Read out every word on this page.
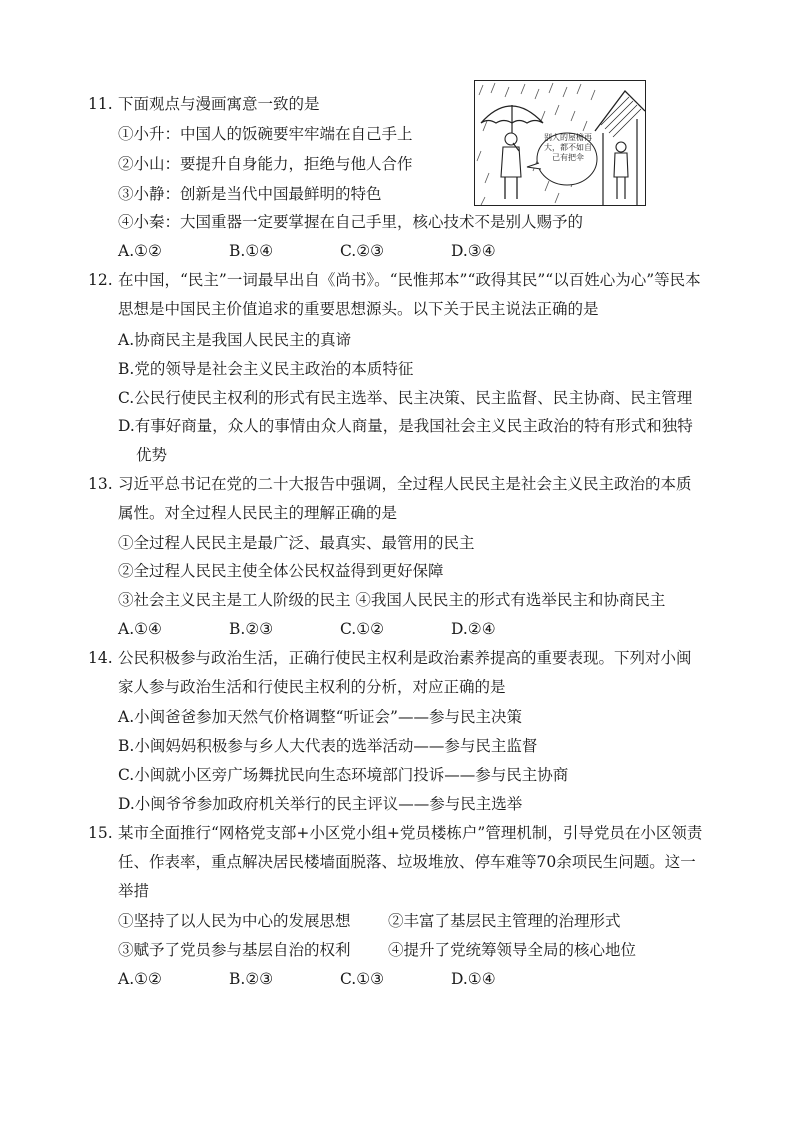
11. 下面观点与漫画寓意一致的是
①小升：中国人的饭碗要牢牢端在自己手上
②小山：要提升自身能力，拒绝与他人合作
③小静：创新是当代中国最鲜明的特色
④小秦：大国重器一定要掌握在自己手里，核心技术不是别人赐予的
A.①②	B.①④	C.②③	D.③④
别人的屋檐再大，都不如自己有把伞
12. 在中国，“民主”一词最早出自《尚书》。“民惟邦本”“政得其民”“以百姓心为心”等民本
思想是中国民主价值追求的重要思想源头。以下关于民主说法正确的是
A.协商民主是我国人民民主的真谛
B.党的领导是社会主义民主政治的本质特征
C.公民行使民主权利的形式有民主选举、民主决策、民主监督、民主协商、民主管理
D.有事好商量，众人的事情由众人商量，是我国社会主义民主政治的特有形式和独特
优势
13. 习近平总书记在党的二十大报告中强调，全过程人民民主是社会主义民主政治的本质
属性。对全过程人民民主的理解正确的是
①全过程人民民主是最广泛、最真实、最管用的民主
②全过程人民民主使全体公民权益得到更好保障
③社会主义民主是工人阶级的民主 ④我国人民民主的形式有选举民主和协商民主
A.①④	B.②③	C.①②	D.②④
14. 公民积极参与政治生活，正确行使民主权利是政治素养提高的重要表现。下列对小闽
家人参与政治生活和行使民主权利的分析，对应正确的是
A.小闽爸爸参加天然气价格调整“听证会”——参与民主决策
B.小闽妈妈积极参与乡人大代表的选举活动——参与民主监督
C.小闽就小区旁广场舞扰民向生态环境部门投诉——参与民主协商
D.小闽爷爷参加政府机关举行的民主评议——参与民主选举
15. 某市全面推行“网格党支部+小区党小组+党员楼栋户”管理机制，引导党员在小区领责
任、作表率，重点解决居民楼墙面脱落、垃圾堆放、停车难等70余项民生问题。这一
举措
①坚持了以人民为中心的发展思想 ②丰富了基层民主管理的治理形式
③赋予了党员参与基层自治的权利 ④提升了党统筹领导全局的核心地位
A.①②	B.②③	C.①③	D.①④
